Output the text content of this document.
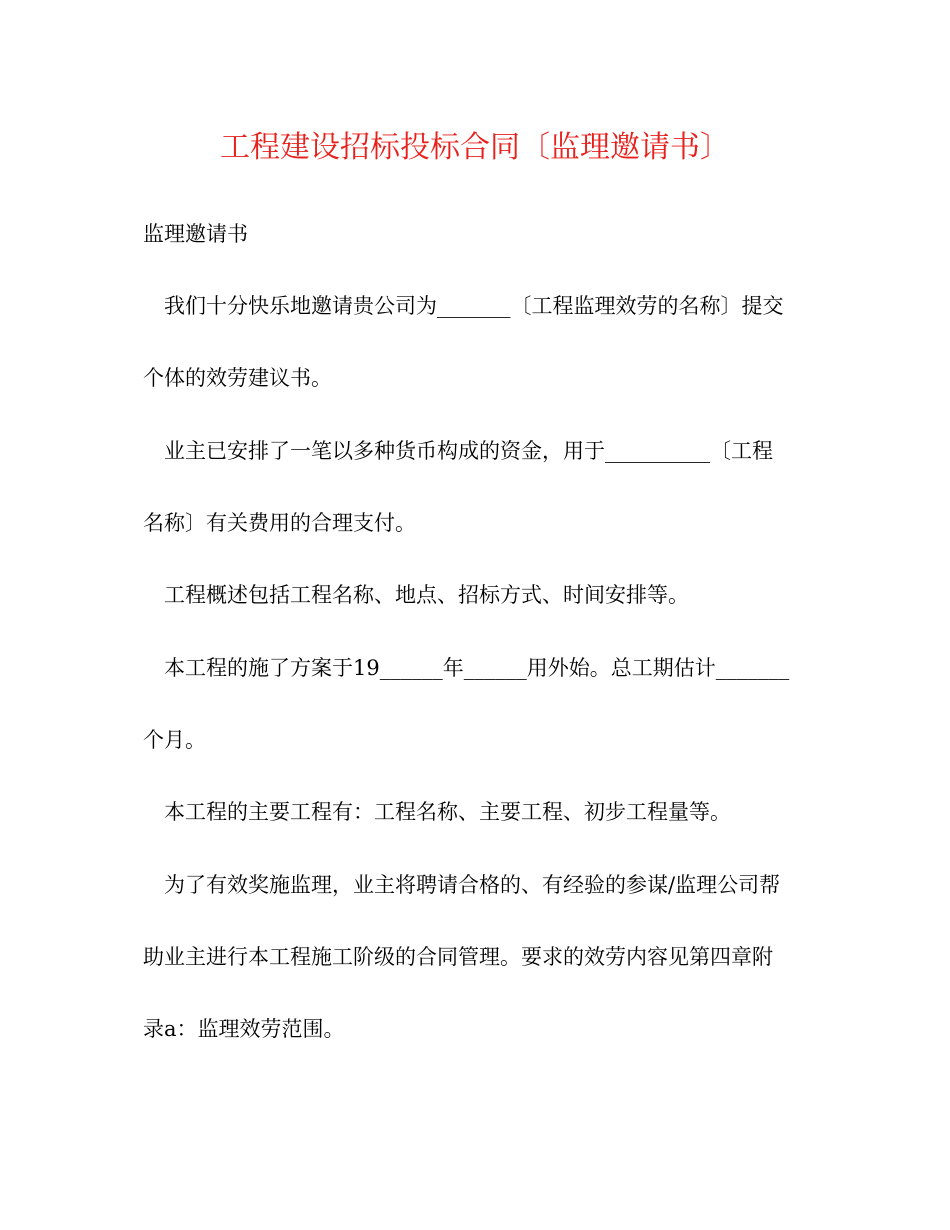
工程建设招标投标合同〔监理邀请书〕
监理邀请书
我们十分快乐地邀请贵公司为_______〔工程监理效劳的名称〕提交
个体的效劳建议书。
业主已安排了一笔以多种货币构成的资金，用于__________〔工程
名称〕有关费用的合理支付。
工程概述包括工程名称、地点、招标方式、时间安排等。
本工程的施了方案于19______年______用外始。总工期估计_______
个月。
本工程的主要工程有：工程名称、主要工程、初步工程量等。
为了有效奖施监理，业主将聘请合格的、有经验的参谋/监理公司帮
助业主进行本工程施工阶级的合同管理。要求的效劳内容见第四章附
录a：监理效劳范围。
